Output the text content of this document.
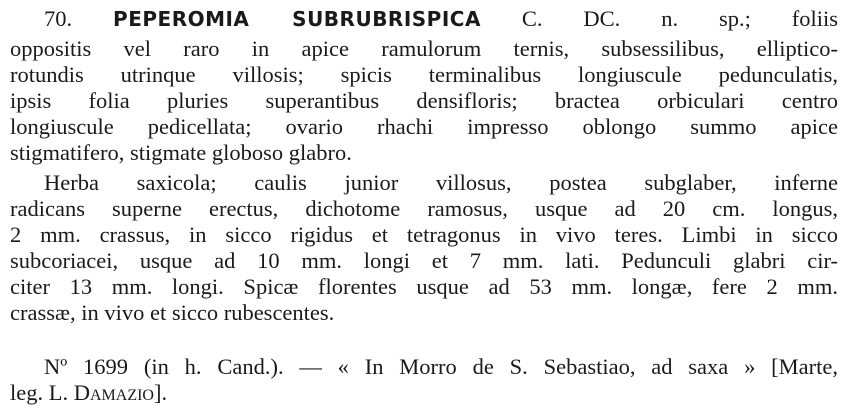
70. PEPEROMIA SUBRUBRISPICA C. DC. n. sp.; foliis
oppositis vel raro in apice ramulorum ternis, subsessilibus, elliptico-
rotundis utrinque villosis; spicis terminalibus longiuscule pedunculatis,
ipsis folia pluries superantibus densifloris; bractea orbiculari centro
longiuscule pedicellata; ovario rhachi impresso oblongo summo apice
stigmatifero, stigmate globoso glabro.
Herba saxicola; caulis junior villosus, postea subglaber, inferne
radicans superne erectus, dichotome ramosus, usque ad 20 cm. longus,
2 mm. crassus, in sicco rigidus et tetragonus in vivo teres. Limbi in sicco
subcoriacei, usque ad 10 mm. longi et 7 mm. lati. Pedunculi glabri cir-
citer 13 mm. longi. Spicæ florentes usque ad 53 mm. longæ, fere 2 mm.
crassæ, in vivo et sicco rubescentes.
Nº 1699 (in h. Cand.). — « In Morro de S. Sebastiao, ad saxa » [Marte,
leg. L. Damazio].
